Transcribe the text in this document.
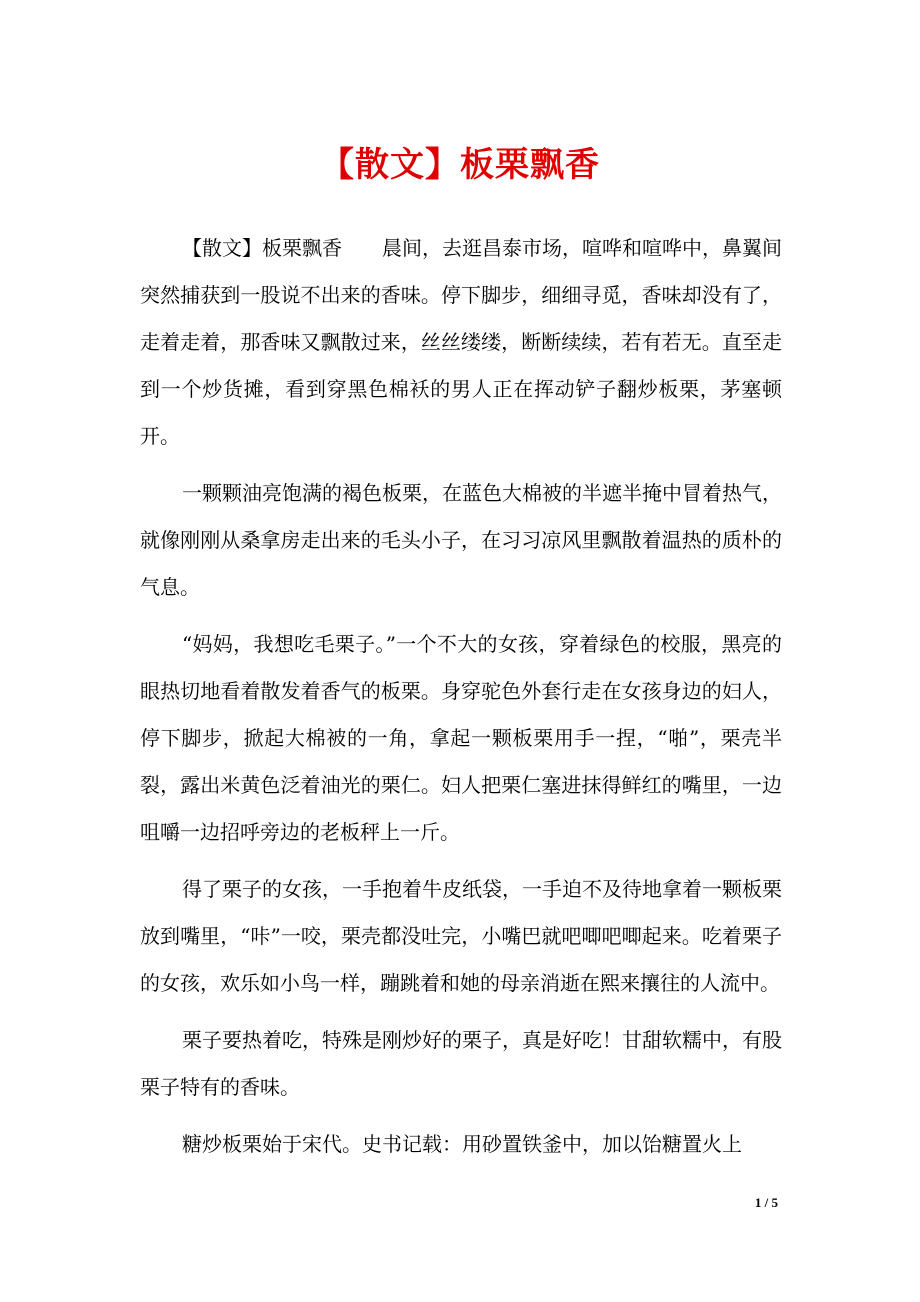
【散文】板栗飘香

【散文】板栗飘香　　晨间，去逛昌泰市场，喧哗和喧哗中，鼻翼间突然捕获到一股说不出来的香味。停下脚步，细细寻觅，香味却没有了，走着走着，那香味又飘散过来，丝丝缕缕，断断续续，若有若无。直至走到一个炒货摊，看到穿黑色棉袄的男人正在挥动铲子翻炒板栗，茅塞顿开。

一颗颗油亮饱满的褐色板栗，在蓝色大棉被的半遮半掩中冒着热气，就像刚刚从桑拿房走出来的毛头小子，在习习凉风里飘散着温热的质朴的气息。

“妈妈，我想吃毛栗子。”一个不大的女孩，穿着绿色的校服，黑亮的眼热切地看着散发着香气的板栗。身穿驼色外套行走在女孩身边的妇人，停下脚步，掀起大棉被的一角，拿起一颗板栗用手一捏，“啪”，栗壳半裂，露出米黄色泛着油光的栗仁。妇人把栗仁塞进抹得鲜红的嘴里，一边咀嚼一边招呼旁边的老板秤上一斤。

得了栗子的女孩，一手抱着牛皮纸袋，一手迫不及待地拿着一颗板栗放到嘴里，“咔”一咬，栗壳都没吐完，小嘴巴就吧唧吧唧起来。吃着栗子的女孩，欢乐如小鸟一样，蹦跳着和她的母亲消逝在熙来攘往的人流中。

栗子要热着吃，特殊是刚炒好的栗子，真是好吃！甘甜软糯中，有股栗子特有的香味。

糖炒板栗始于宋代。史书记载：用砂置铁釜中，加以饴糖置火上

1 / 5
